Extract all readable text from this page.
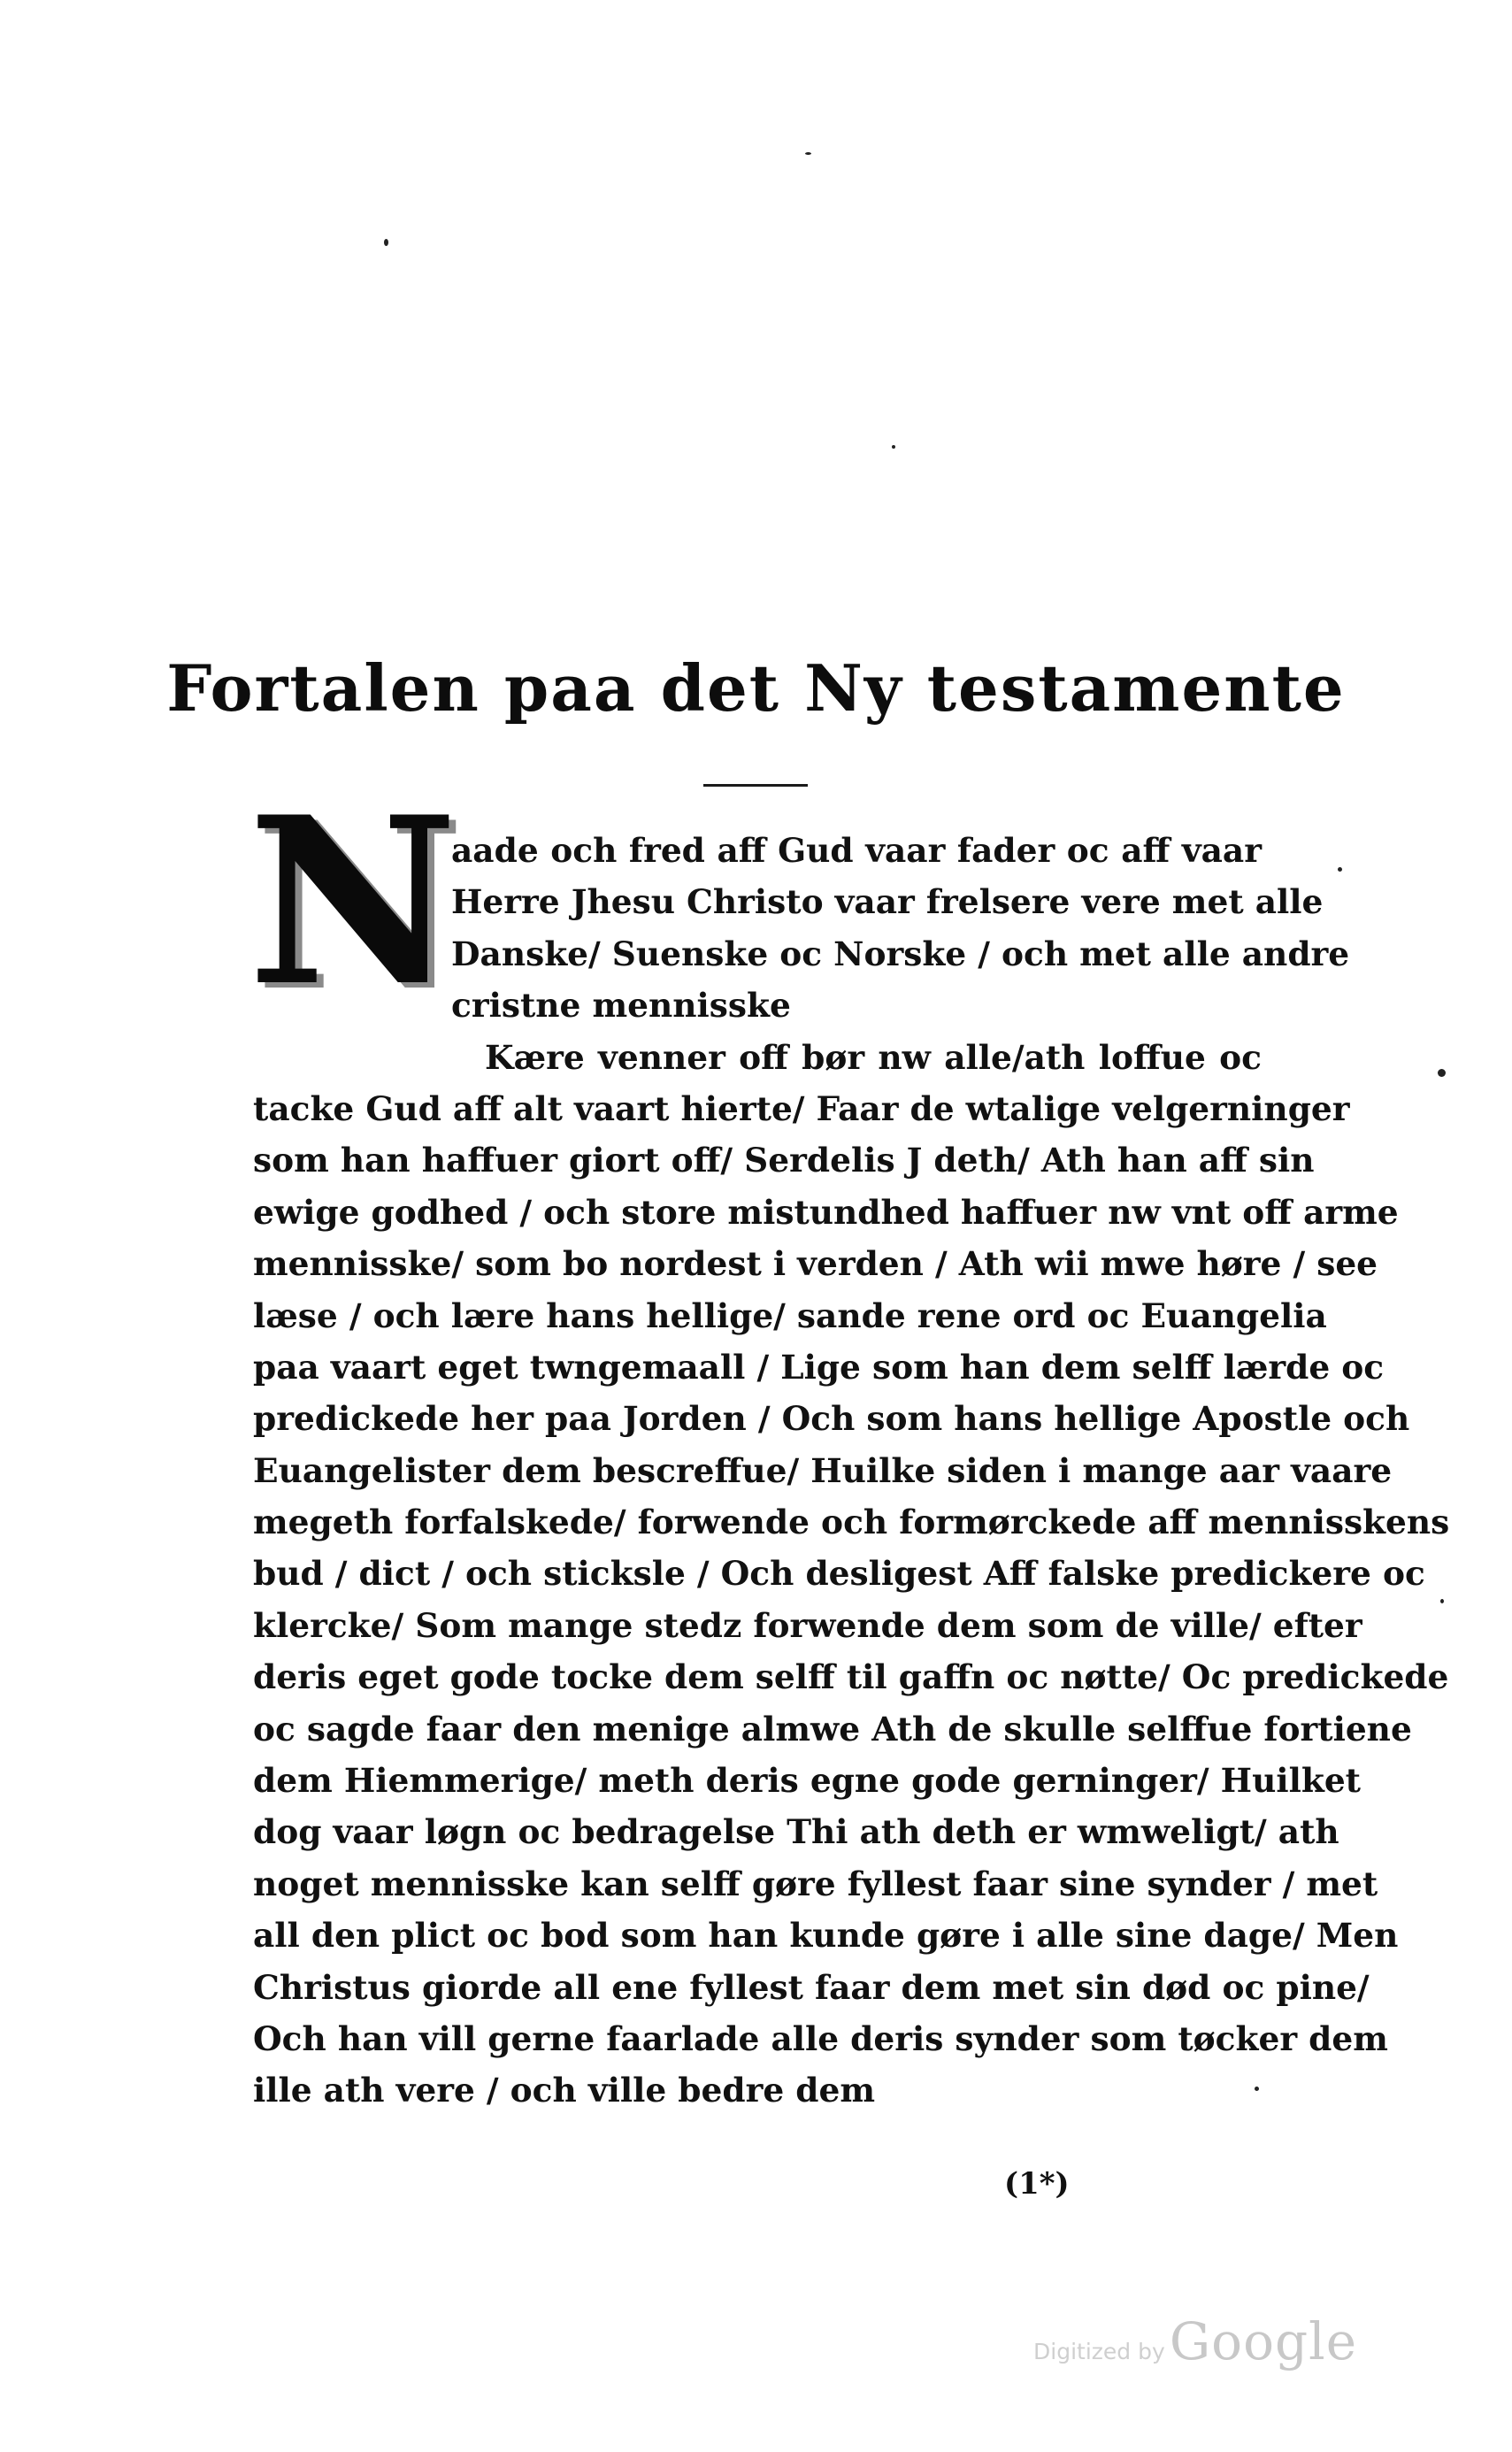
Fortalen paa det Ny testamente
N
aade och fred aff Gud vaar fader oc aff vaar
Herre Jhesu Christo vaar frelsere vere met alle
Danske/ Suenske oc Norske / och met alle andre
cristne mennisske
Kære venner off bør nw alle/ath loffue oc
tacke Gud aff alt vaart hierte/ Faar de wtalige velgerninger
som han haffuer giort off/ Serdelis J deth/ Ath han aff sin
ewige godhed / och store mistundhed haffuer nw vnt off arme
mennisske/ som bo nordest i verden / Ath wii mwe høre / see
læse / och lære hans hellige/ sande rene ord oc Euangelia
paa vaart eget twngemaall / Lige som han dem selff lærde oc
predickede her paa Jorden / Och som hans hellige Apostle och
Euangelister dem bescreffue/ Huilke siden i mange aar vaare
megeth forfalskede/ forwende och formørckede aff mennisskens
bud / dict / och sticksle / Och desligest Aff falske predickere oc
klercke/ Som mange stedz forwende dem som de ville/ efter
deris eget gode tocke dem selff til gaffn oc nøtte/ Oc predickede
oc sagde faar den menige almwe Ath de skulle selffue fortiene
dem Hiemmerige/ meth deris egne gode gerninger/ Huilket
dog vaar løgn oc bedragelse Thi ath deth er wmweligt/ ath
noget mennisske kan selff gøre fyllest faar sine synder / met
all den plict oc bod som han kunde gøre i alle sine dage/ Men
Christus giorde all ene fyllest faar dem met sin død oc pine/
Och han vill gerne faarlade alle deris synder som tøcker dem
ille ath vere / och ville bedre dem
(1*)
Digitized by Google
